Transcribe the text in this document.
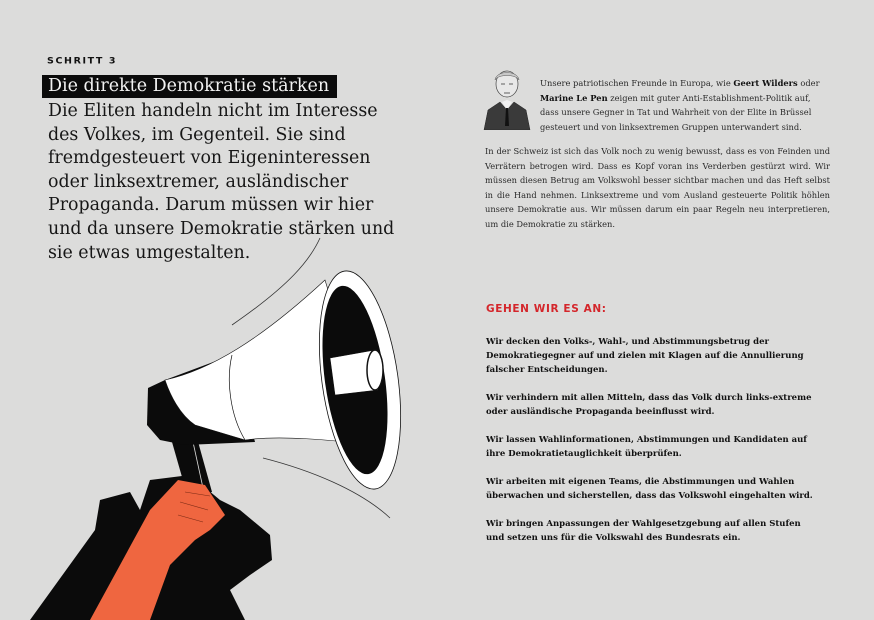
SCHRITT 3
Die direkte Demokratie stärken

Die Eliten handeln nicht im Interesse des Volkes, im Gegenteil. Sie sind fremdgesteuert von Eigeninteressen oder linksextremer, ausländischer Propaganda. Darum müssen wir hier und da unsere Demokratie stärken und sie etwas umgestalten.

Unsere patriotischen Freunde in Europa, wie Geert Wilders oder Marine Le Pen zeigen mit guter Anti-Establishment-Politik auf, dass unsere Gegner in Tat und Wahrheit von der Elite in Brüssel gesteuert und von linksextremen Gruppen unterwandert sind.

In der Schweiz ist sich das Volk noch zu wenig bewusst, dass es von Feinden und Verrätern betrogen wird. Dass es Kopf voran ins Verderben gestürzt wird. Wir müssen diesen Betrug am Volkswohl besser sichtbar machen und das Heft selbst in die Hand nehmen. Linksextreme und vom Ausland gesteuerte Politik höhlen unsere Demokratie aus. Wir müssen darum ein paar Regeln neu interpretieren, um die Demokratie zu stärken.

GEHEN WIR ES AN:
Wir decken den Volks-, Wahl-, und Abstimmungsbetrug der Demokratiegegner auf und zielen mit Klagen auf die Annullierung falscher Entscheidungen.
Wir verhindern mit allen Mitteln, dass das Volk durch links-extreme oder ausländische Propaganda beeinflusst wird.
Wir lassen Wahlinformationen, Abstimmungen und Kandidaten auf ihre Demokratietauglichkeit überprüfen.
Wir arbeiten mit eigenen Teams, die Abstimmungen und Wahlen überwachen und sicherstellen, dass das Volkswohl eingehalten wird.
Wir bringen Anpassungen der Wahlgesetzgebung auf allen Stufen und setzen uns für die Volkswahl des Bundesrats ein.
